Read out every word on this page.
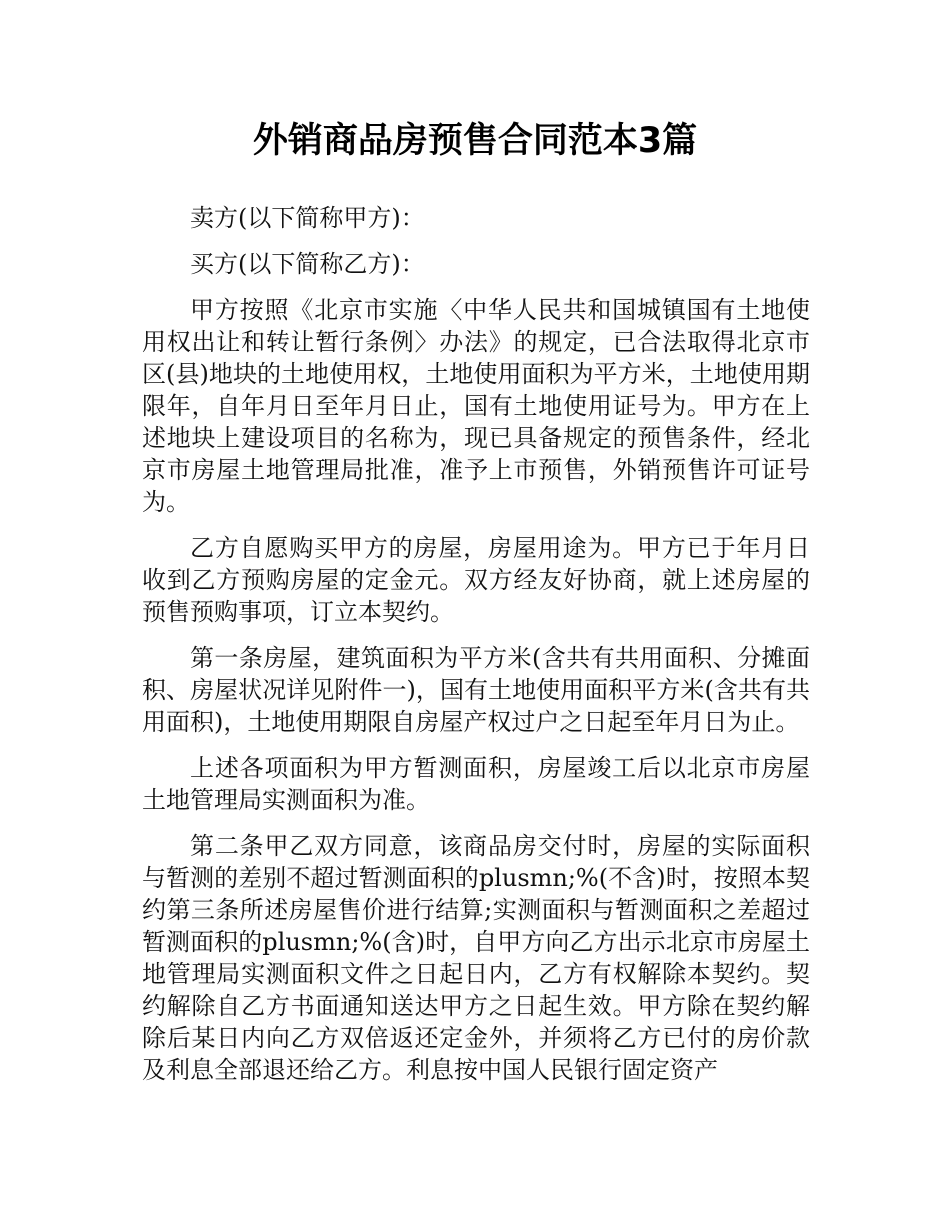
外销商品房预售合同范本3篇

卖方(以下简称甲方)：

买方(以下简称乙方)：

甲方按照《北京市实施〈中华人民共和国城镇国有土地使用权出让和转让暂行条例〉办法》的规定，已合法取得北京市区(县)地块的土地使用权，土地使用面积为平方米，土地使用期限年，自年月日至年月日止，国有土地使用证号为。甲方在上述地块上建设项目的名称为，现已具备规定的预售条件，经北京市房屋土地管理局批准，准予上市预售，外销预售许可证号为。

乙方自愿购买甲方的房屋，房屋用途为。甲方已于年月日收到乙方预购房屋的定金元。双方经友好协商，就上述房屋的预售预购事项，订立本契约。

第一条房屋，建筑面积为平方米(含共有共用面积、分摊面积、房屋状况详见附件一)，国有土地使用面积平方米(含共有共用面积)，土地使用期限自房屋产权过户之日起至年月日为止。

上述各项面积为甲方暂测面积，房屋竣工后以北京市房屋土地管理局实测面积为准。

第二条甲乙双方同意，该商品房交付时，房屋的实际面积与暂测的差别不超过暂测面积的plusmn;%(不含)时，按照本契约第三条所述房屋售价进行结算;实测面积与暂测面积之差超过暂测面积的plusmn;%(含)时，自甲方向乙方出示北京市房屋土地管理局实测面积文件之日起日内，乙方有权解除本契约。契约解除自乙方书面通知送达甲方之日起生效。甲方除在契约解除后某日内向乙方双倍返还定金外，并须将乙方已付的房价款及利息全部退还给乙方。利息按中国人民银行固定资产
